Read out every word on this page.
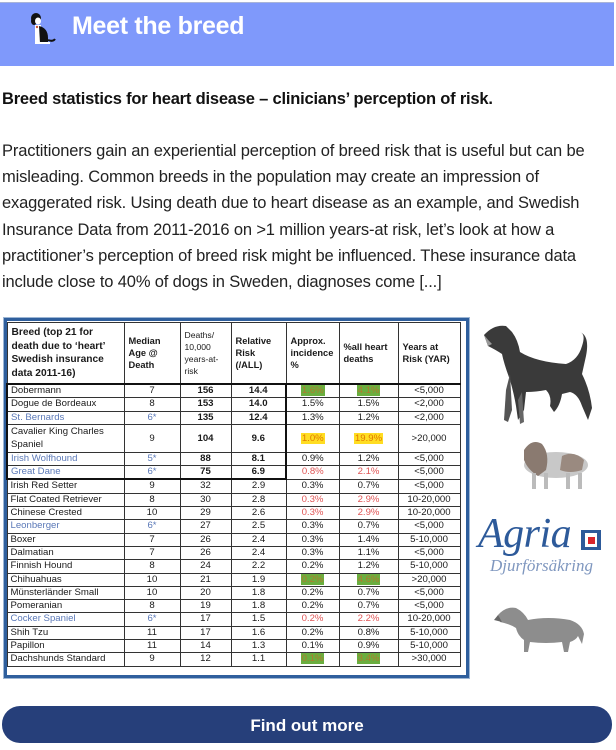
Meet the breed
Breed statistics for heart disease – clinicians’ perception of risk.
Practitioners gain an experiential perception of breed risk that is useful but can be misleading. Common breeds in the population may create an impression of exaggerated risk. Using death due to heart disease as an example, and Swedish Insurance Data from 2011-2016 on >1 million years-at risk, let’s look at how a practitioner’s perception of breed risk might be influenced. These insurance data include close to 40% of dogs in Sweden, diagnoses come [...]
Breed (top 21 for death due to ‘heart’ Swedish insurance data 2011-16)	Median Age @ Death	Deaths/ 10,000 years-at-risk	Relative Risk (/ALL)	Approx. incidence %	%all heart deaths	Years at Risk (YAR)
Dobermann	7	156	14.4	1.6%	4.1%	<5,000
Dogue de Bordeaux	8	153	14.0	1.5%	1.5%	<2,000
St. Bernards	6*	135	12.4	1.3%	1.2%	<2,000
Cavalier King Charles Spaniel	9	104	9.6	1.0%	19.9%	>20,000
Irish Wolfhound	5*	88	8.1	0.9%	1.2%	<5,000
Great Dane	6*	75	6.9	0.8%	2.1%	<5,000
Irish Red Setter	9	32	2.9	0.3%	0.7%	<5,000
Flat Coated Retriever	8	30	2.8	0.3%	2.9%	10-20,000
Chinese Crested	10	29	2.6	0.3%	2.9%	10-20,000
Leonberger	6*	27	2.5	0.3%	0.7%	<5,000
Boxer	7	26	2.4	0.3%	1.4%	5-10,000
Dalmatian	7	26	2.4	0.3%	1.1%	<5,000
Finnish Hound	8	24	2.2	0.2%	1.2%	5-10,000
Chihuahuas	10	21	1.9	0.2%	4.6%	>20,000
Münsterländer Small	10	20	1.8	0.2%	0.7%	<5,000
Pomeranian	8	19	1.8	0.2%	0.7%	<5,000
Cocker Spaniel	6*	17	1.5	0.2%	2.2%	10-20,000
Shih Tzu	11	17	1.6	0.2%	0.8%	5-10,000
Papillon	11	14	1.3	0.1%	0.9%	5-10,000
Dachshunds Standard	9	12	1.1	0.1%	3.4%	>30,000
Agria
Djurförsäkring
Find out more
